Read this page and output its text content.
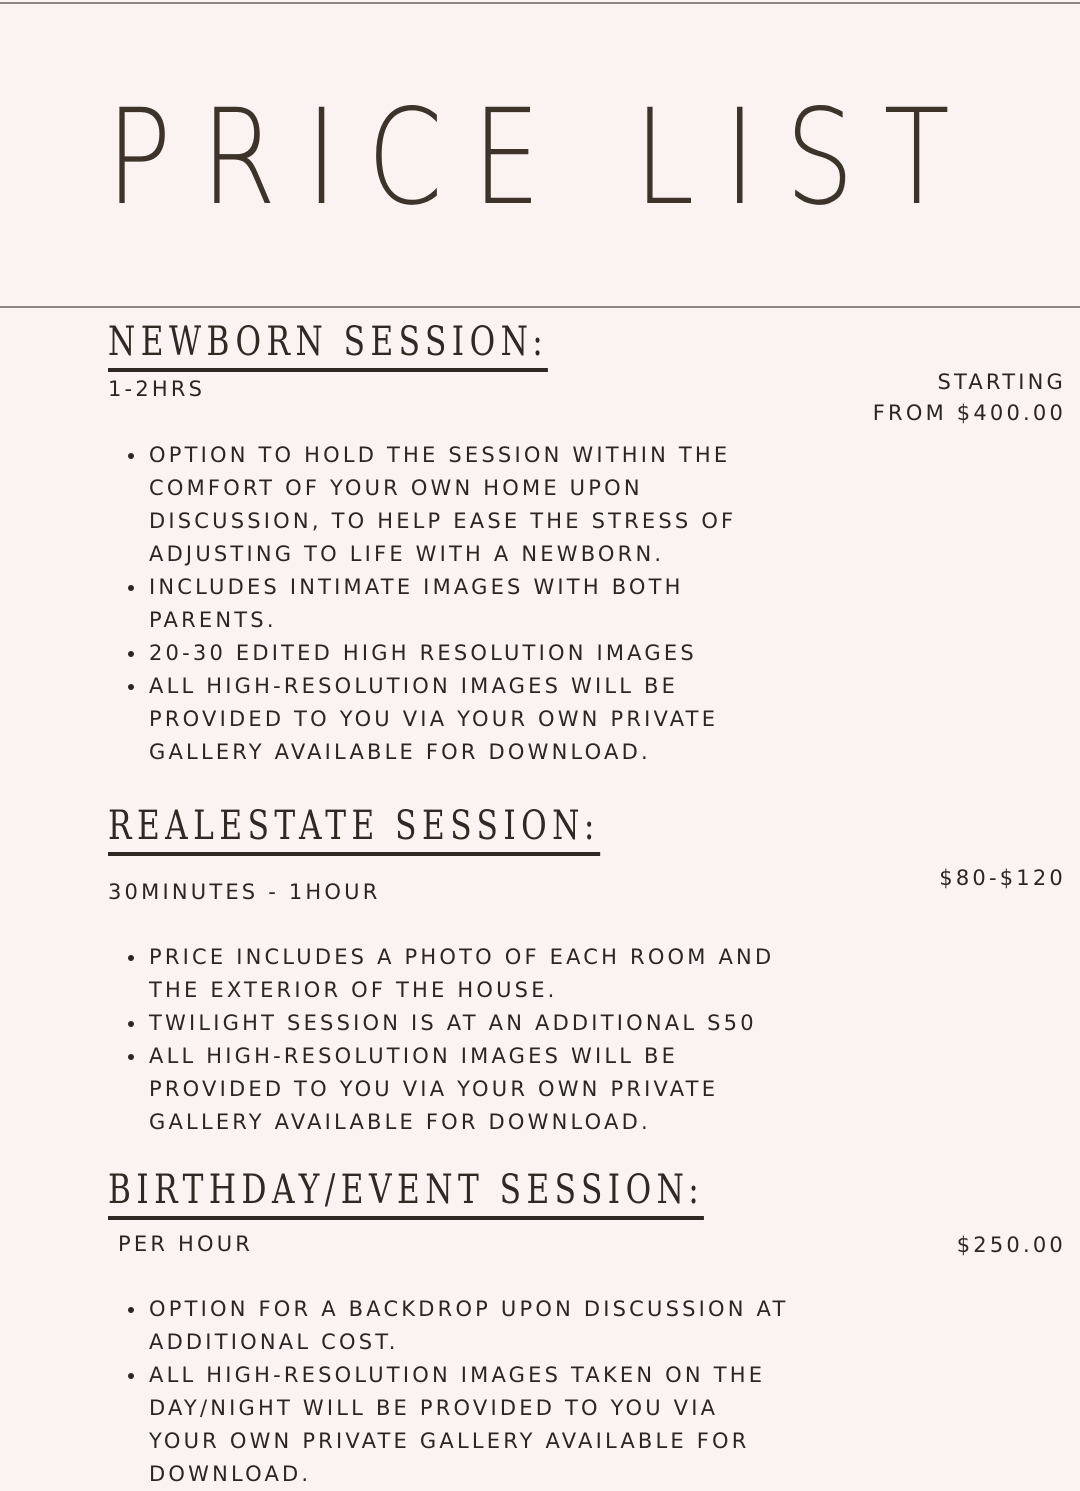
PRICE LIST
NEWBORN SESSION:

1-2HRS	STARTING
FROM $400.00
OPTION TO HOLD THE SESSION WITHIN THE
COMFORT OF YOUR OWN HOME UPON
DISCUSSION, TO HELP EASE THE STRESS OF
ADJUSTING TO LIFE WITH A NEWBORN.
INCLUDES INTIMATE IMAGES WITH BOTH
PARENTS.
20-30 EDITED HIGH RESOLUTION IMAGES
ALL HIGH-RESOLUTION IMAGES WILL BE
PROVIDED TO YOU VIA YOUR OWN PRIVATE
GALLERY AVAILABLE FOR DOWNLOAD.
REALESTATE SESSION:

30MINUTES - 1HOUR

$80-$120
PRICE INCLUDES A PHOTO OF EACH ROOM AND
THE EXTERIOR OF THE HOUSE.
TWILIGHT SESSION IS AT AN ADDITIONAL S50
ALL HIGH-RESOLUTION IMAGES WILL BE
PROVIDED TO YOU VIA YOUR OWN PRIVATE
GALLERY AVAILABLE FOR DOWNLOAD.
BIRTHDAY/EVENT SESSION:

PER HOUR	$250.00
OPTION FOR A BACKDROP UPON DISCUSSION AT
ADDITIONAL COST.
ALL HIGH-RESOLUTION IMAGES TAKEN ON THE
DAY/NIGHT WILL BE PROVIDED TO YOU VIA
YOUR OWN PRIVATE GALLERY AVAILABLE FOR
DOWNLOAD.
